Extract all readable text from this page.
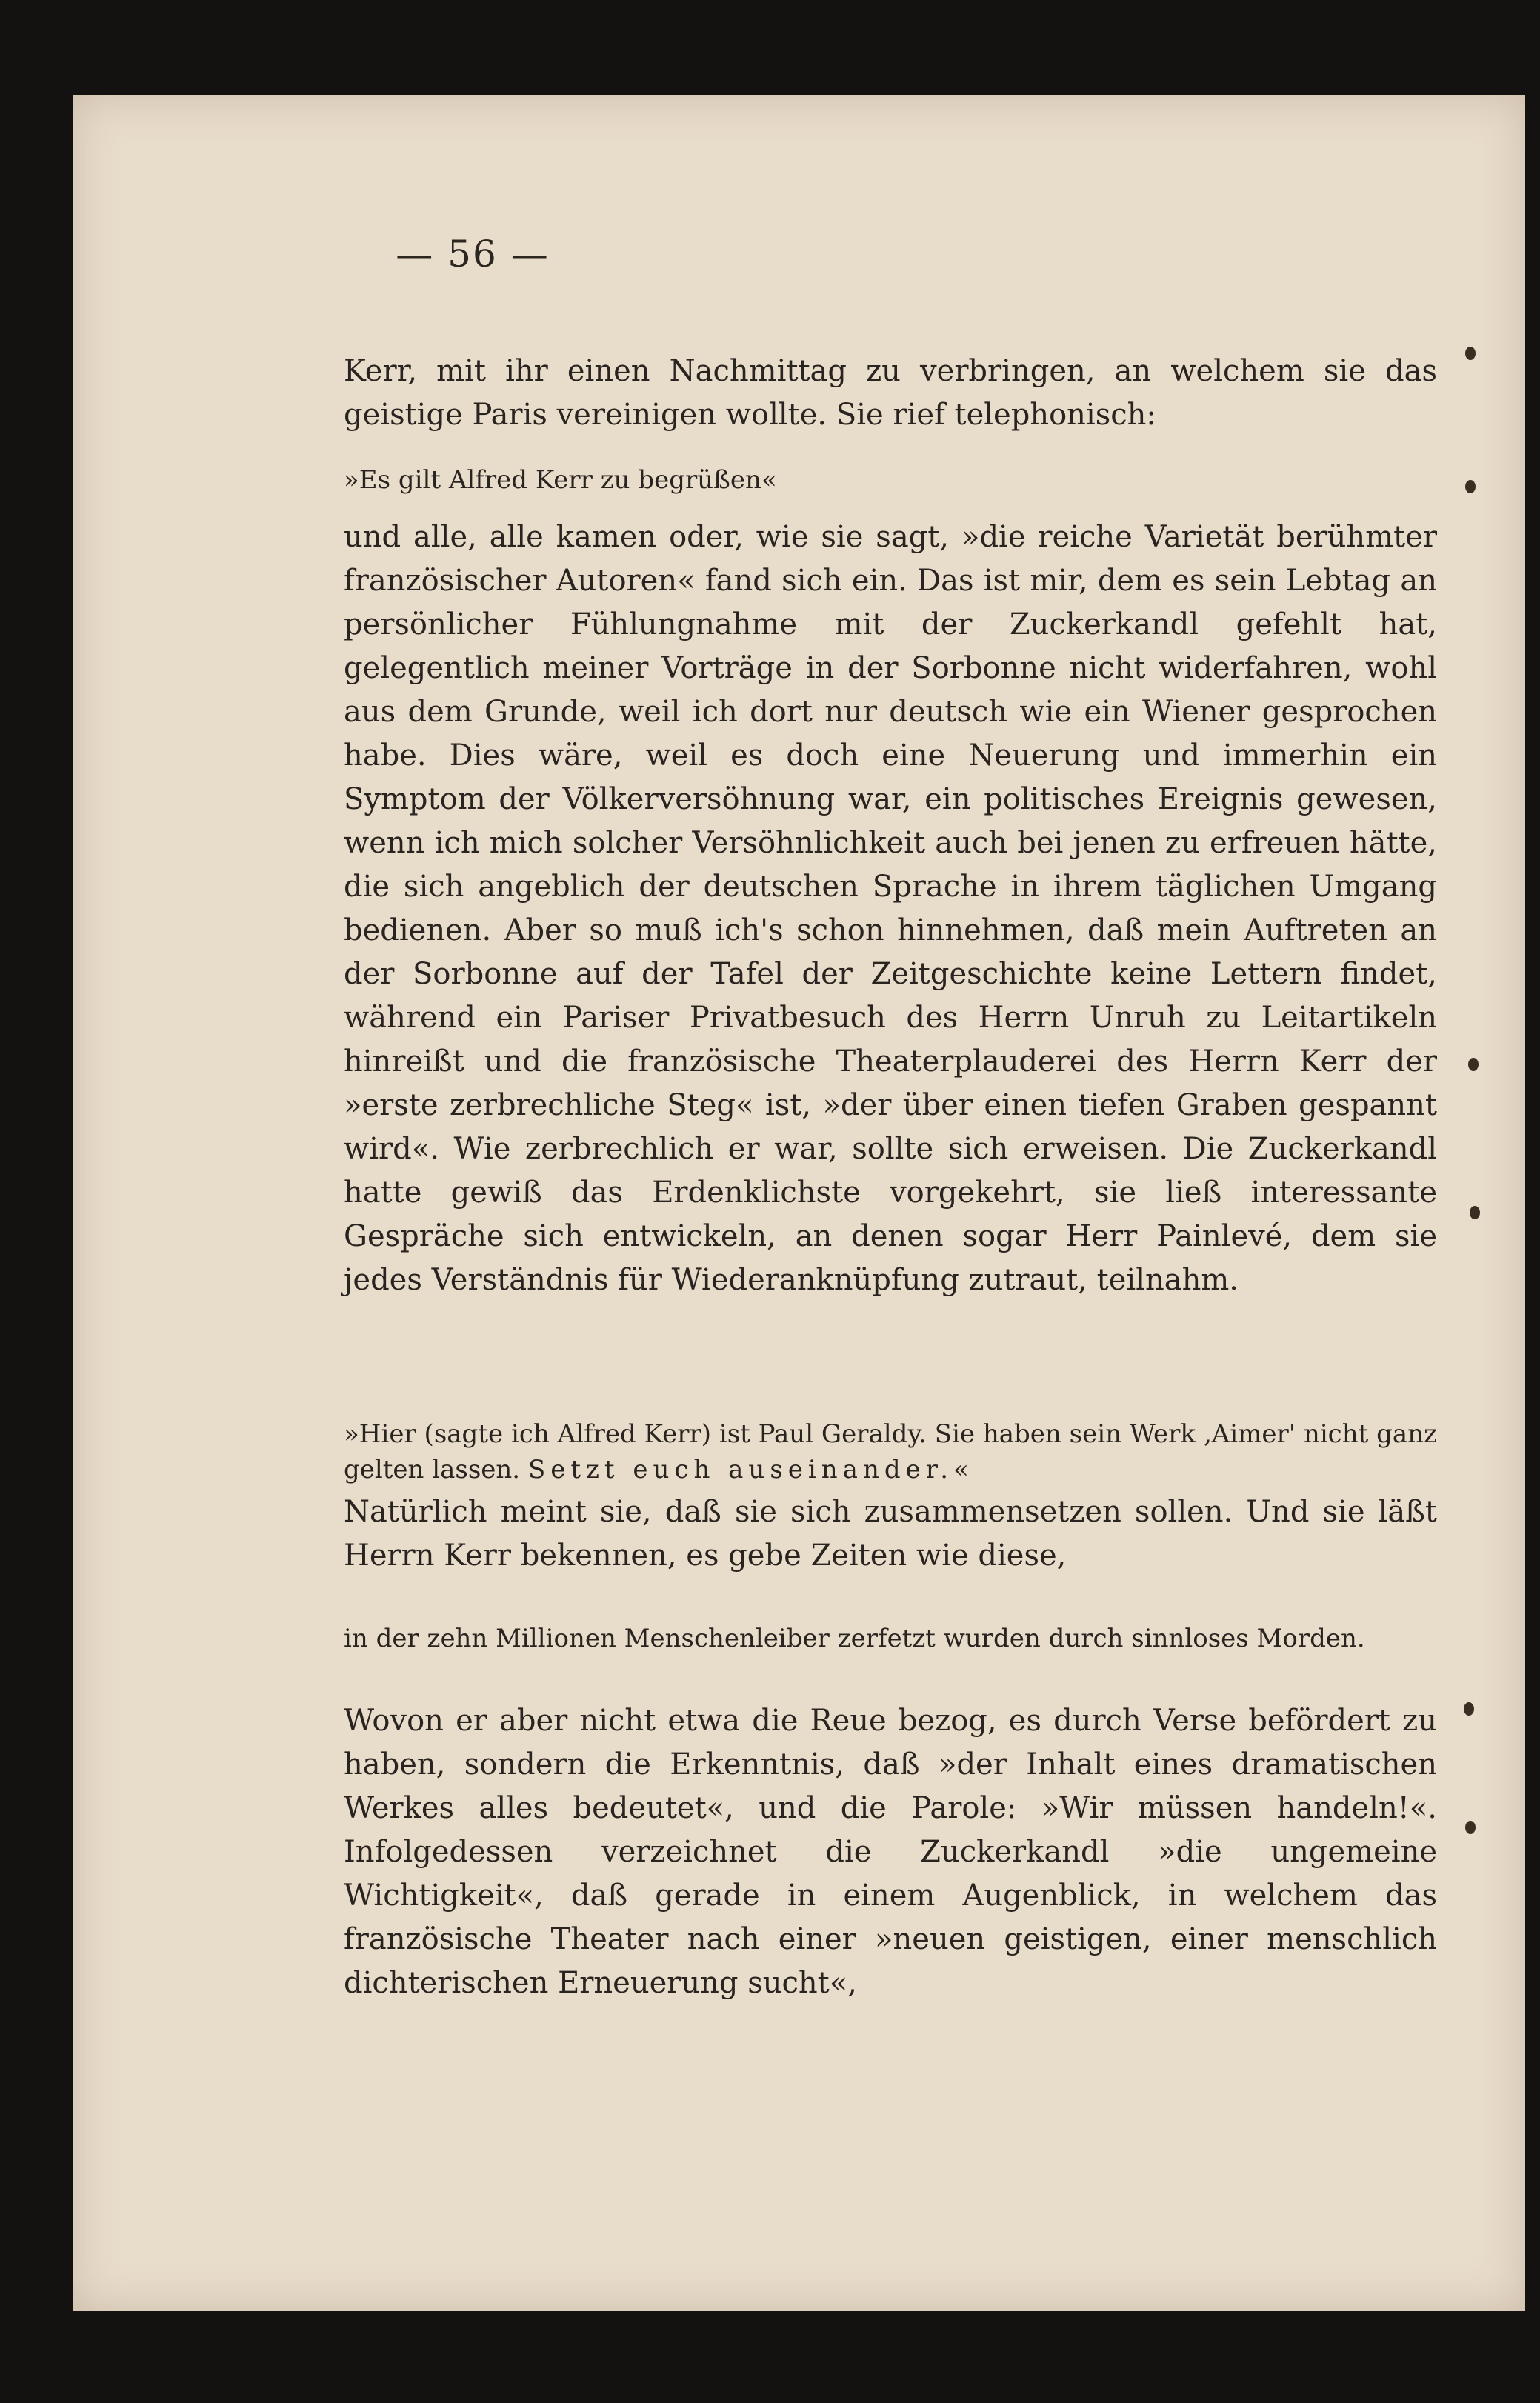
— 56 —
Kerr, mit ihr einen Nachmittag zu verbringen, an welchem sie das geistige Paris vereinigen wollte. Sie rief telephonisch:
»Es gilt Alfred Kerr zu begrüßen«
und alle, alle kamen oder, wie sie sagt, »die reiche Varietät berühmter französischer Autoren« fand sich ein. Das ist mir, dem es sein Lebtag an persönlicher Fühlungnahme mit der Zuckerkandl gefehlt hat, gelegentlich meiner Vorträge in der Sorbonne nicht widerfahren, wohl aus dem Grunde, weil ich dort nur deutsch wie ein Wiener gesprochen habe. Dies wäre, weil es doch eine Neuerung und immerhin ein Symptom der Völkerversöhnung war, ein politisches Ereignis gewesen, wenn ich mich solcher Versöhnlichkeit auch bei jenen zu erfreuen hätte, die sich angeblich der deutschen Sprache in ihrem täglichen Umgang bedienen. Aber so muß ich's schon hinnehmen, daß mein Auftreten an der Sorbonne auf der Tafel der Zeitgeschichte keine Lettern findet, während ein Pariser Privatbesuch des Herrn Unruh zu Leitartikeln hinreißt und die französische Theaterplauderei des Herrn Kerr der »erste zerbrechliche Steg« ist, »der über einen tiefen Graben gespannt wird«. Wie zerbrechlich er war, sollte sich erweisen. Die Zuckerkandl hatte gewiß das Erdenklichste vorgekehrt, sie ließ interessante Gespräche sich entwickeln, an denen sogar Herr Painlevé, dem sie jedes Verständnis für Wiederanknüpfung zutraut, teilnahm.
»Hier (sagte ich Alfred Kerr) ist Paul Geraldy. Sie haben sein Werk ‚Aimer' nicht ganz gelten lassen. Setzt euch auseinander.«
Natürlich meint sie, daß sie sich zusammensetzen sollen. Und sie läßt Herrn Kerr bekennen, es gebe Zeiten wie diese,
in der zehn Millionen Menschenleiber zerfetzt wurden durch sinnloses Morden.
Wovon er aber nicht etwa die Reue bezog, es durch Verse befördert zu haben, sondern die Erkenntnis, daß »der Inhalt eines dramatischen Werkes alles bedeutet«, und die Parole: »Wir müssen handeln!«. Infolgedessen verzeichnet die Zuckerkandl »die ungemeine Wichtigkeit«, daß gerade in einem Augenblick, in welchem das französische Theater nach einer »neuen geistigen, einer menschlich dichterischen Erneuerung sucht«,
